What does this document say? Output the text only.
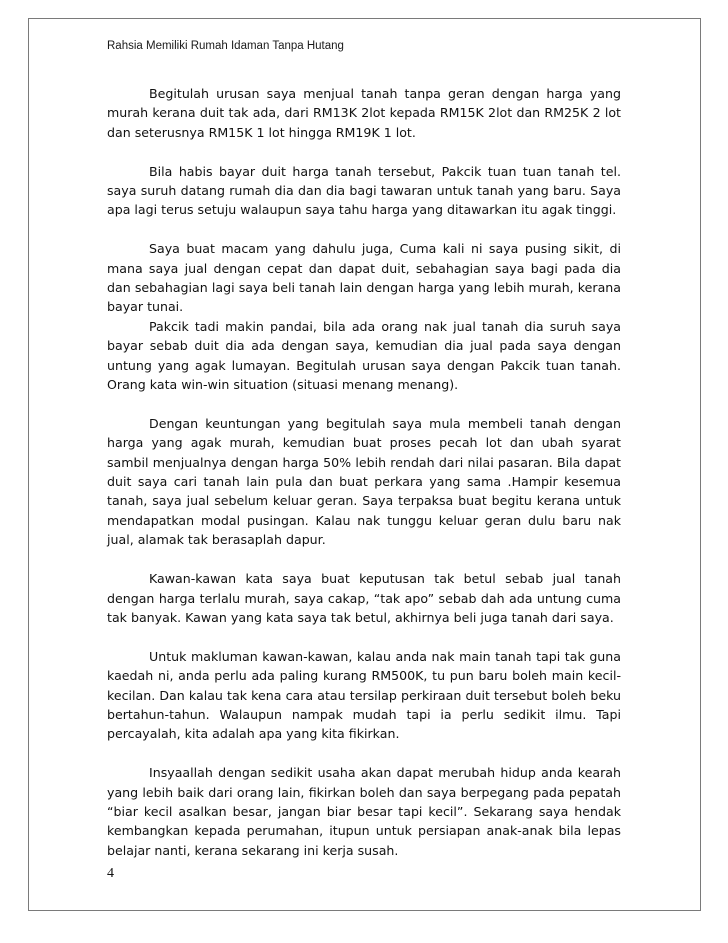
Rahsia Memiliki Rumah Idaman Tanpa Hutang

Begitulah urusan saya menjual tanah tanpa geran dengan harga yang murah kerana duit tak ada, dari RM13K 2lot kepada RM15K 2lot dan RM25K 2 lot dan seterusnya RM15K 1 lot hingga RM19K 1 lot.

Bila habis bayar duit harga tanah tersebut, Pakcik tuan tuan tanah tel. saya suruh datang rumah dia dan dia bagi tawaran untuk tanah yang baru. Saya apa lagi terus setuju walaupun saya tahu harga yang ditawarkan itu agak tinggi.

Saya buat macam yang dahulu juga, Cuma kali ni saya pusing sikit, di mana saya jual dengan cepat dan dapat duit, sebahagian saya bagi pada dia dan sebahagian lagi saya beli tanah lain dengan harga yang lebih murah, kerana bayar tunai.

Pakcik tadi makin pandai, bila ada orang nak jual tanah dia suruh saya bayar sebab duit dia ada dengan saya, kemudian dia jual pada saya dengan untung yang agak lumayan. Begitulah urusan saya dengan Pakcik tuan tanah. Orang kata win-win situation (situasi menang menang).

Dengan keuntungan yang begitulah saya mula membeli tanah dengan harga yang agak murah, kemudian buat proses pecah lot dan ubah syarat sambil menjualnya dengan harga 50% lebih rendah dari nilai pasaran. Bila dapat duit saya cari tanah lain pula dan buat perkara yang sama .Hampir kesemua tanah, saya jual sebelum keluar geran. Saya terpaksa buat begitu kerana untuk mendapatkan modal pusingan. Kalau nak tunggu keluar geran dulu baru nak jual, alamak tak berasaplah dapur.

Kawan-kawan kata saya buat keputusan tak betul sebab jual tanah dengan harga terlalu murah, saya cakap, “tak apo” sebab dah ada untung cuma tak banyak. Kawan yang kata saya tak betul, akhirnya beli juga tanah dari saya.

Untuk makluman kawan-kawan, kalau anda nak main tanah tapi tak guna kaedah ni, anda perlu ada paling kurang RM500K, tu pun baru boleh main kecil-kecilan. Dan kalau tak kena cara atau tersilap perkiraan duit tersebut boleh beku bertahun-tahun. Walaupun nampak mudah tapi ia perlu sedikit ilmu. Tapi percayalah, kita adalah apa yang kita fikirkan.

Insyaallah dengan sedikit usaha akan dapat merubah hidup anda kearah yang lebih baik dari orang lain, fikirkan boleh dan saya berpegang pada pepatah “biar kecil asalkan besar, jangan biar besar tapi kecil”. Sekarang saya hendak kembangkan kepada perumahan, itupun untuk persiapan anak-anak bila lepas belajar nanti, kerana sekarang ini kerja susah.

4
